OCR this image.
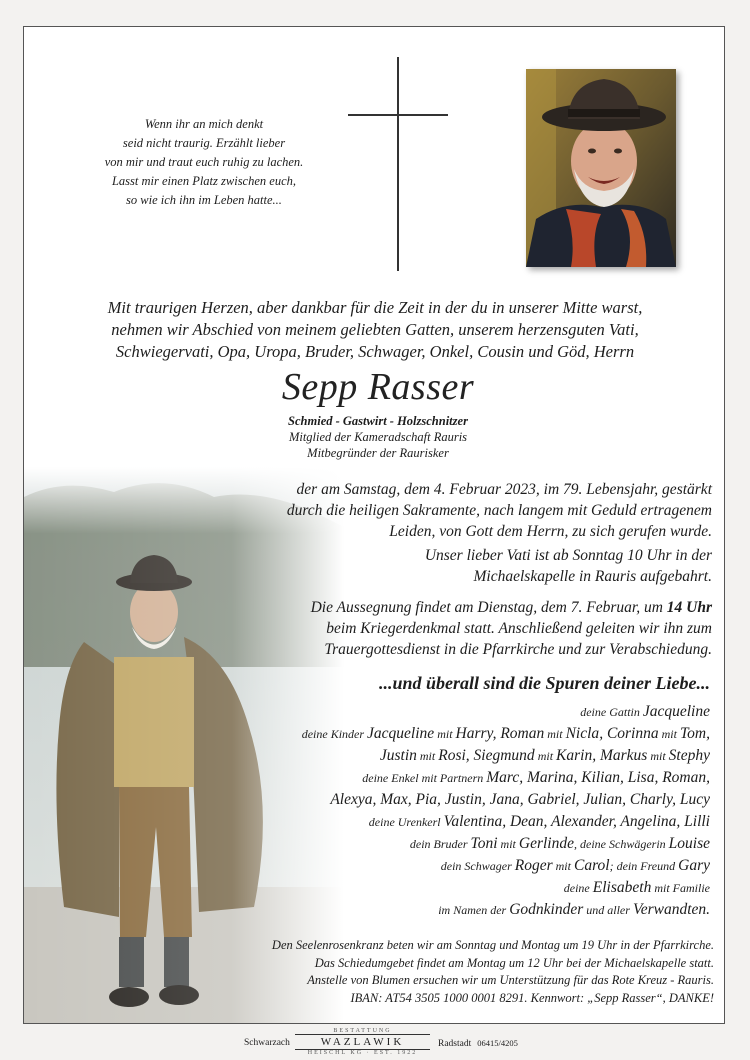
Wenn ihr an mich denkt
seid nicht traurig. Erzählt lieber
von mir und traut euch ruhig zu lachen.
Lasst mir einen Platz zwischen euch,
so wie ich ihn im Leben hatte...
Mit traurigen Herzen, aber dankbar für die Zeit in der du in unserer Mitte warst,
nehmen wir Abschied von meinem geliebten Gatten, unserem herzensguten Vati,
Schwiegervati, Opa, Uropa, Bruder, Schwager, Onkel, Cousin und Göd, Herrn
Sepp Rasser
Schmied - Gastwirt - Holzschnitzer
Mitglied der Kameradschaft Rauris
Mitbegründer der Raurisker
der am Samstag, dem 4. Februar 2023, im 79. Lebensjahr, gestärkt
durch die heiligen Sakramente, nach langem mit Geduld ertragenem
Leiden, von Gott dem Herrn, zu sich gerufen wurde.
Unser lieber Vati ist ab Sonntag 10 Uhr in der
Michaelskapelle in Rauris aufgebahrt.
Die Aussegnung findet am Dienstag, dem 7. Februar, um 14 Uhr
beim Kriegerdenkmal statt. Anschließend geleiten wir ihn zum
Trauergottesdienst in die Pfarrkirche und zur Verabschiedung.
...und überall sind die Spuren deiner Liebe...
deine Gattin Jacqueline
deine Kinder Jacqueline mit Harry, Roman mit Nicla, Corinna mit Tom,
Justin mit Rosi, Siegmund mit Karin, Markus mit Stephy
deine Enkel mit Partnern Marc, Marina, Kilian, Lisa, Roman,
Alexya, Max, Pia, Justin, Jana, Gabriel, Julian, Charly, Lucy
deine Urenkerl Valentina, Dean, Alexander, Angelina, Lilli
dein Bruder Toni mit Gerlinde, deine Schwägerin Louise
dein Schwager Roger mit Carol; dein Freund Gary
deine Elisabeth mit Familie
im Namen der Godnkinder und aller Verwandten.
Den Seelenrosenkranz beten wir am Sonntag und Montag um 19 Uhr in der Pfarrkirche.
Das Schiedumgebet findet am Montag um 12 Uhr bei der Michaelskapelle statt.
Anstelle von Blumen ersuchen wir um Unterstützung für das Rote Kreuz - Rauris.
IBAN: AT54 3505 1000 0001 8291. Kennwort: „Sepp Rasser“, DANKE!
Schwarzach
BESTATTUNG
WAZLAWIK
HEISCHL KG · EST. 1922
Radstadt 06415/4205
